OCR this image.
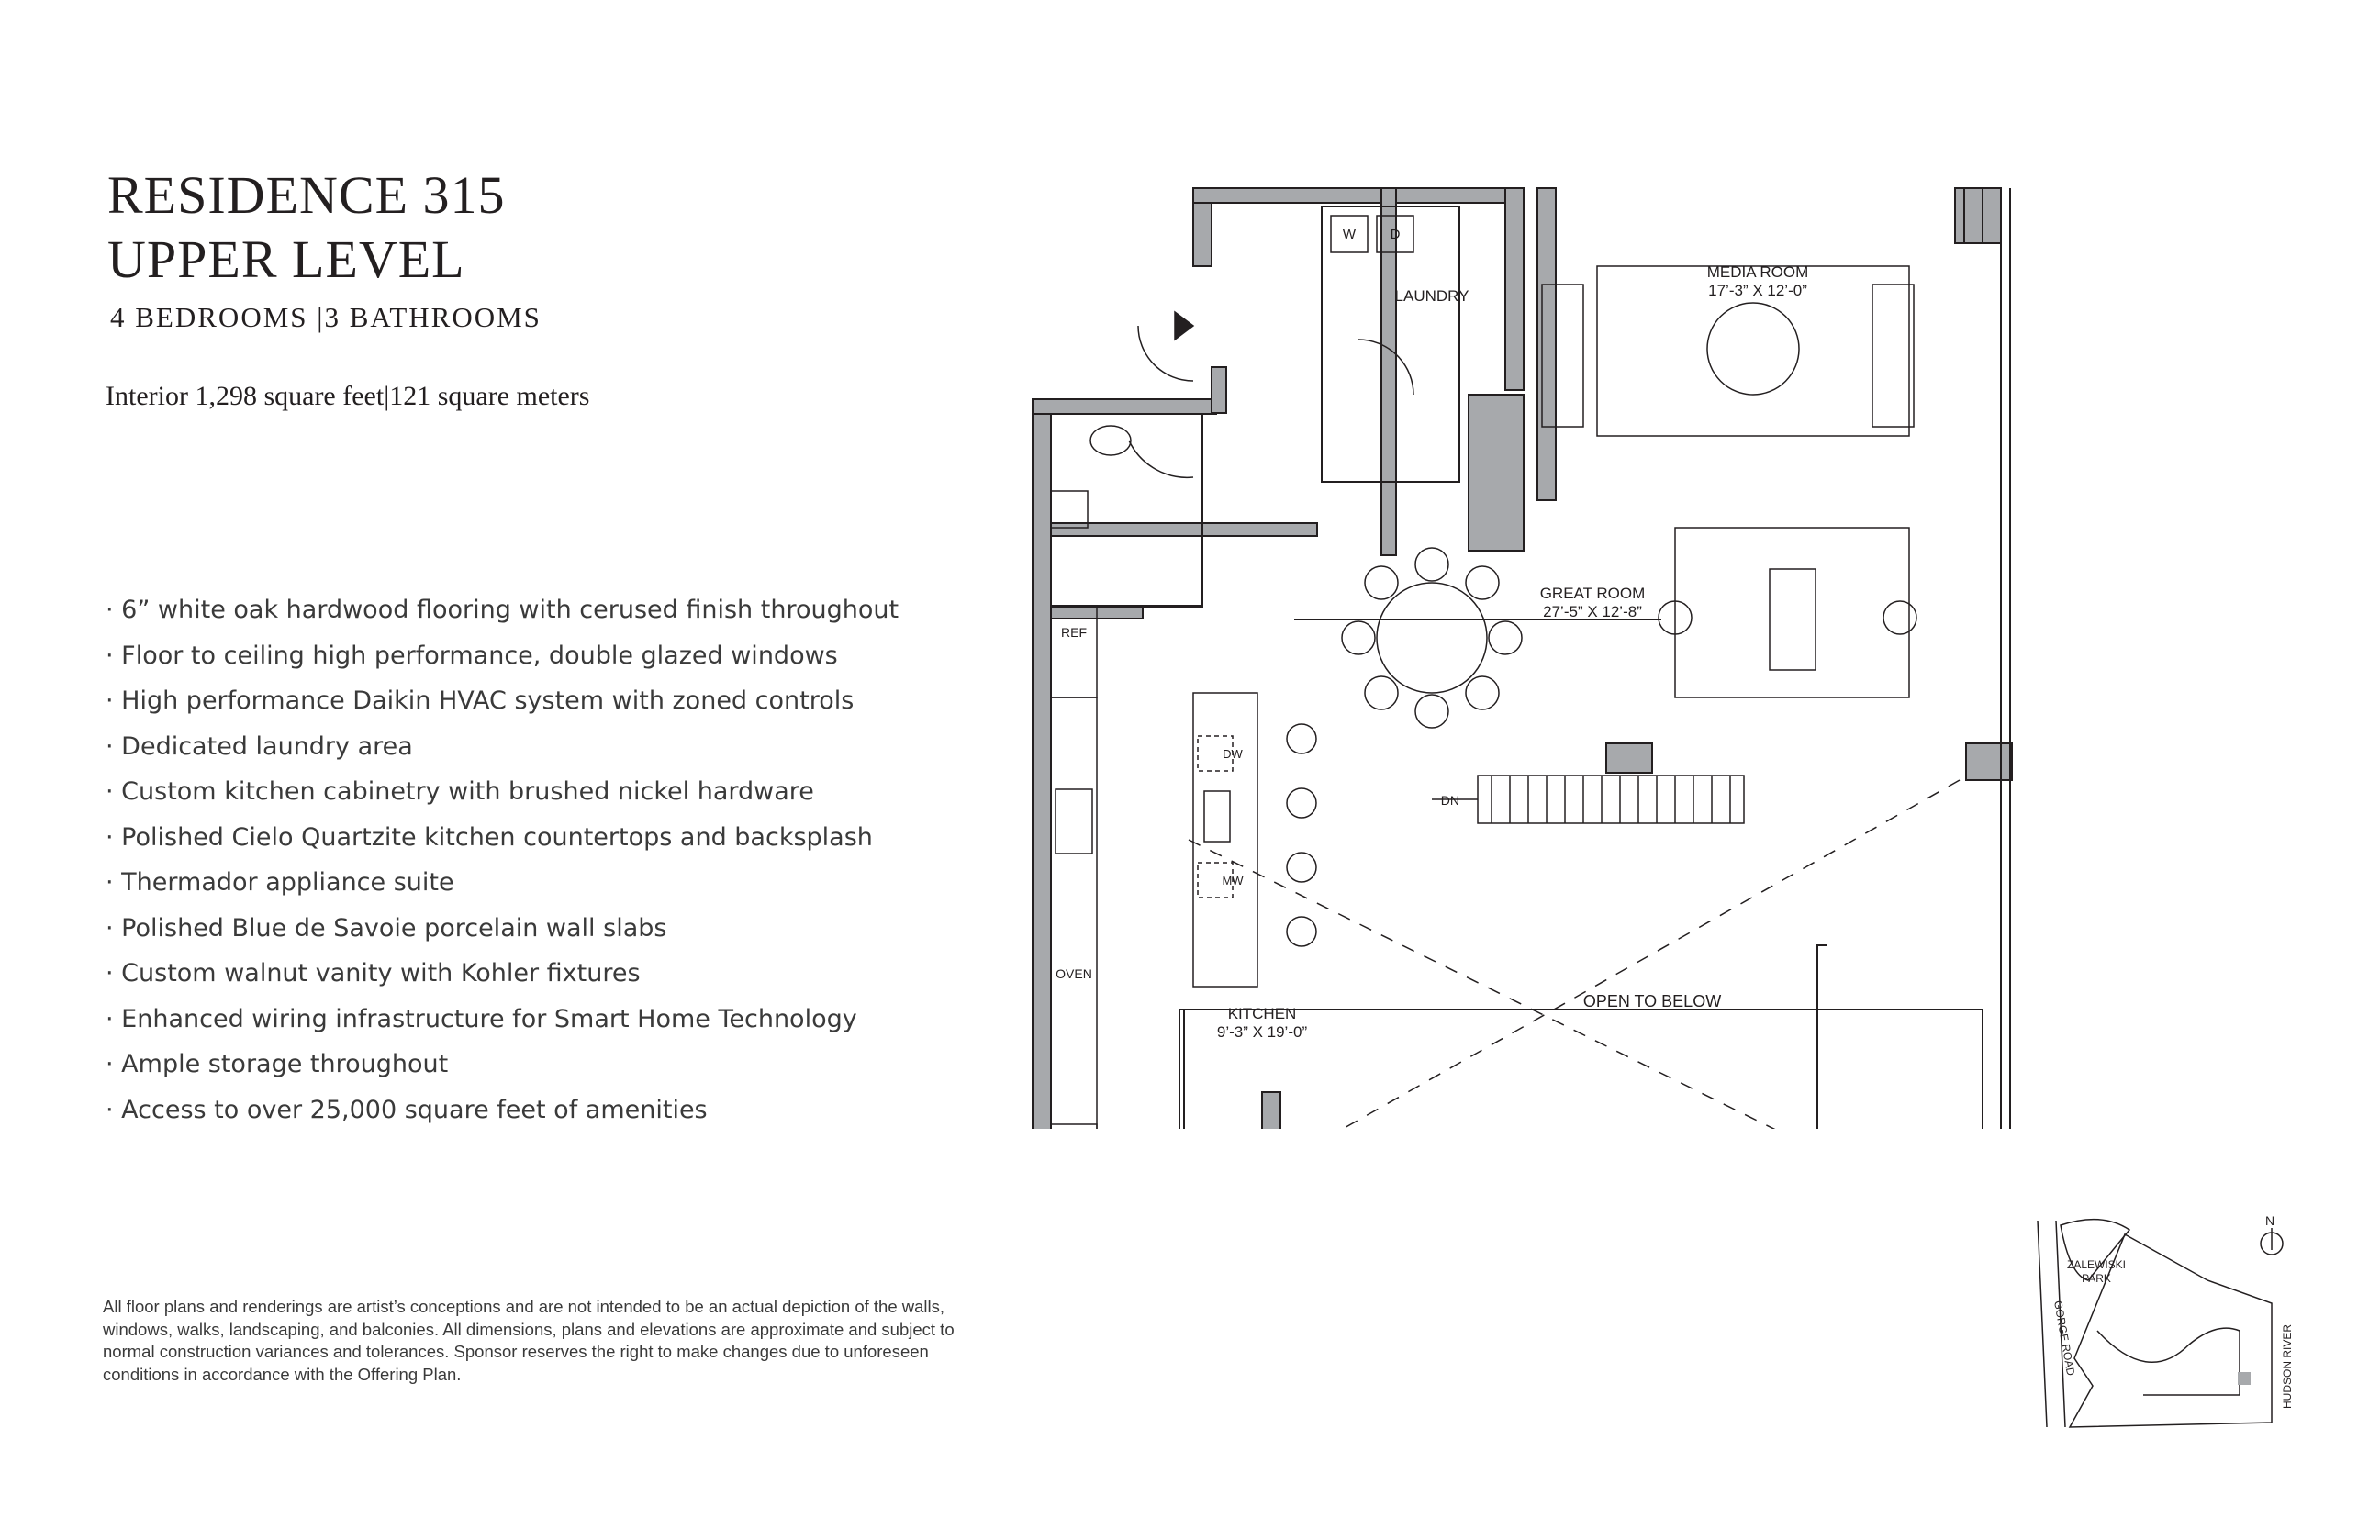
RESIDENCE 315
UPPER LEVEL
4 BEDROOMS |3 BATHROOMS
Interior 1,298 square feet|121 square meters
· 6” white oak hardwood flooring with cerused finish throughout
· Floor to ceiling high performance, double glazed windows
· High performance Daikin HVAC system with zoned controls
· Dedicated laundry area
· Custom kitchen cabinetry with brushed nickel hardware
· Polished Cielo Quartzite kitchen countertops and backsplash
· Thermador appliance suite
· Polished Blue de Savoie porcelain wall slabs
· Custom walnut vanity with Kohler fixtures
· Enhanced wiring infrastructure for Smart Home Technology
· Ample storage throughout
· Access to over 25,000 square feet of amenities
All floor plans and renderings are artist’s conceptions and are not intended to be an actual depiction of the walls, windows, walks, landscaping, and balconies. All dimensions, plans and elevations are approximate and subject to normal construction variances and tolerances. Sponsor reserves the right to make changes due to unforeseen conditions in accordance with the Offering Plan.
MEDIA ROOM
17’-3” X 12’-0”
LAUNDRY
W D
GREAT ROOM
27’-5” X 12’-8”
KITCHEN
9’-3” X 19’-0”
OPEN TO BELOW
REF
OVEN
DW
MW
DN
N
ZALEWISKI
PARK
GORGE ROAD	HUDSON RIVER
